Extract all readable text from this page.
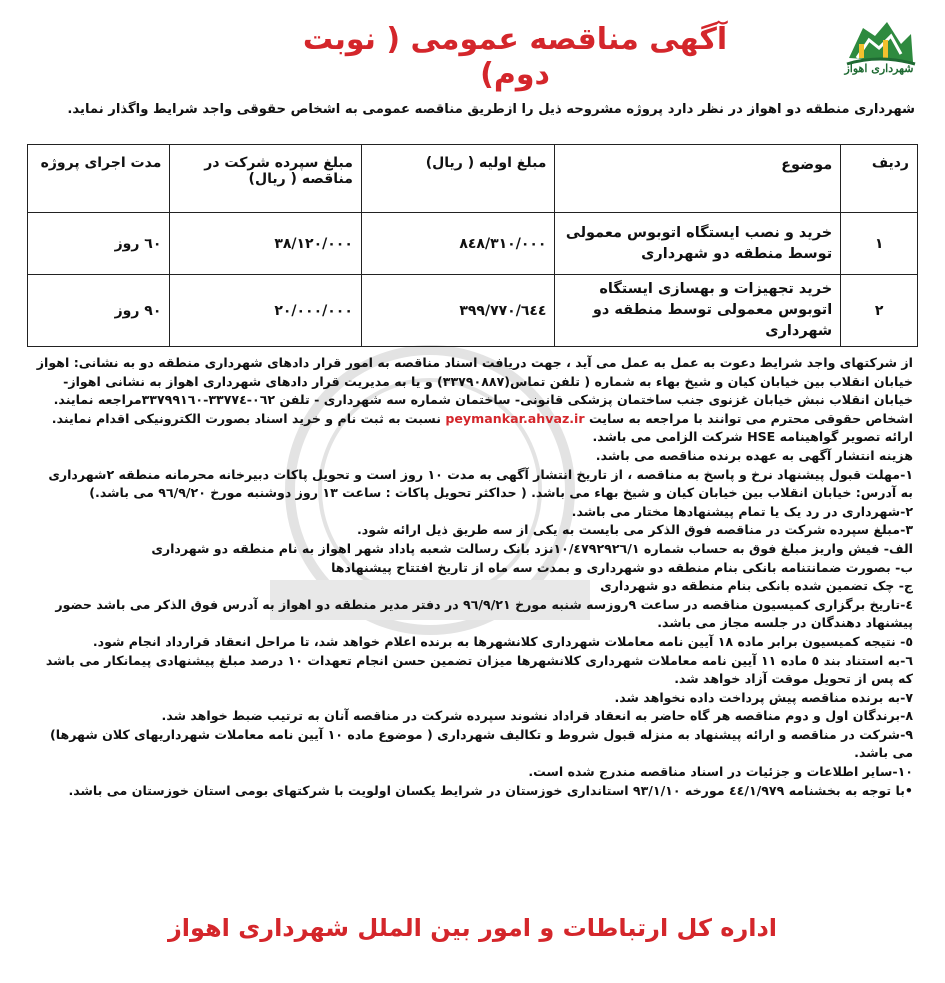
شهرداری اهواز
آگهی مناقصه عمومی ( نوبت دوم)
شهرداری منطقه دو اهواز در نظر دارد پروژه مشروحه ذیل را ازطریق مناقصه عمومی به اشخاص حقوقی واجد شرایط واگذار نماید.
ردیف	موضوع	مبلغ اولیه ( ریال)	مبلغ سپرده شرکت در مناقصه ( ریال)	مدت اجرای پروژه
١	خرید و نصب ایستگاه اتوبوس معمولی توسط منطقه دو شهرداری	٨٤٨/٣١٠/٠٠٠	٣٨/١٢٠/٠٠٠	٦٠ روز
٢	خرید تجهیزات و بهسازی ایستگاه اتوبوس معمولی توسط منطقه دو شهرداری	٣٩٩/٧٧٠/٦٤٤	٢٠/٠٠٠/٠٠٠	٩٠ روز

از شرکتهای واجد شرایط دعوت به عمل به عمل می آید ، جهت دریافت اسناد مناقصه به امور قرار دادهای شهرداری منطقه دو به نشانی: اهواز خیابان انقلاب بین خیابان کیان و شیخ بهاء به شماره ( تلفن تماس(٣٣٧٩٠٨٨٧) و یا به مدیریت قرار دادهای شهرداری اهواز به نشانی اهواز- خیابان انقلاب نبش خیابان غزنوی جنب ساختمان پزشکی قانونی- ساختمان شماره سه شهرداری - تلفن ٠٦٢-٣٣٧٧٤-٣٣٧٩٩١٦٠مراجعه نمایند.

اشخاص حقوقی محترم می توانند با مراجعه به سایت peymankar.ahvaz.ir نسبت به ثبت نام و خرید اسناد بصورت الکترونیکی اقدام نمایند.

ارائه تصویر گواهینامه HSE شرکت الزامی می باشد.

هزینه انتشار آگهی به عهده برنده مناقصه می باشد.

١-مهلت قبول پیشنهاد نرخ و پاسخ به مناقصه ، از تاریخ انتشار آگهی به مدت ١٠ روز است و تحویل پاکات دبیرخانه محرمانه منطقه ٢شهرداری به آدرس: خیابان انقلاب بین خیابان کیان و شیخ بهاء می باشد. ( حداکثر تحویل پاکات : ساعت ١٣ روز دوشنبه مورخ ٩٦/٩/٢٠ می باشد.)

٢-شهرداری در رد یک یا تمام پیشنهادها مختار می باشد.

٣-مبلغ سپرده شرکت در مناقصه فوق الذکر می بایست به یکی از سه طریق ذیل ارائه شود.

الف- فیش واریز مبلغ فوق به حساب شماره ١٠/٤٧٩٢٩٢٦/١نزد بانک رسالت شعبه پاداد شهر اهواز به نام منطقه دو شهرداری

ب- بصورت ضمانتنامه بانکی بنام منطقه دو شهرداری و بمدت سه ماه از تاریخ افتتاح پیشنهادها

ج- چک تضمین شده بانکی بنام منطقه دو شهرداری

٤-تاریخ برگزاری کمیسیون مناقصه در ساعت ٩روزسه شنبه مورخ ٩٦/٩/٢١ در دفتر مدیر منطقه دو اهواز به آدرس فوق الذکر می باشد حضور پیشنهاد دهندگان در جلسه مجاز می باشد.

٥- نتیجه کمیسیون برابر ماده ١٨ آیین نامه معاملات شهرداری کلانشهرها به برنده اعلام خواهد شد، تا مراحل انعقاد قرارداد انجام شود.

٦-به استناد بند ٥ ماده ١١ آیین نامه معاملات شهرداری کلانشهرها میزان تضمین حسن انجام تعهدات ١٠ درصد مبلغ پیشنهادی پیمانکار می باشد که پس از تحویل موقت آزاد خواهد شد.

٧-به برنده مناقصه پیش پرداخت داده نخواهد شد.

٨-برندگان اول و دوم مناقصه هر گاه حاضر به انعقاد قراداد نشوند سپرده شرکت در مناقصه آنان به ترتیب ضبط خواهد شد.

٩-شرکت در مناقصه و ارائه پیشنهاد به منزله قبول شروط و تکالیف شهرداری ( موضوع ماده ١٠ آیین نامه معاملات شهرداریهای کلان شهرها) می باشد.

١٠-سایر اطلاعات و جزئیات در اسناد مناقصه مندرج شده است.

•با توجه به بخشنامه ٤٤/١/٩٧٩ مورخه ٩٣/١/١٠ استانداری خوزستان در شرایط یکسان اولویت با شرکتهای بومی استان خوزستان می باشد.

اداره کل ارتباطات و امور بین الملل شهرداری اهواز
